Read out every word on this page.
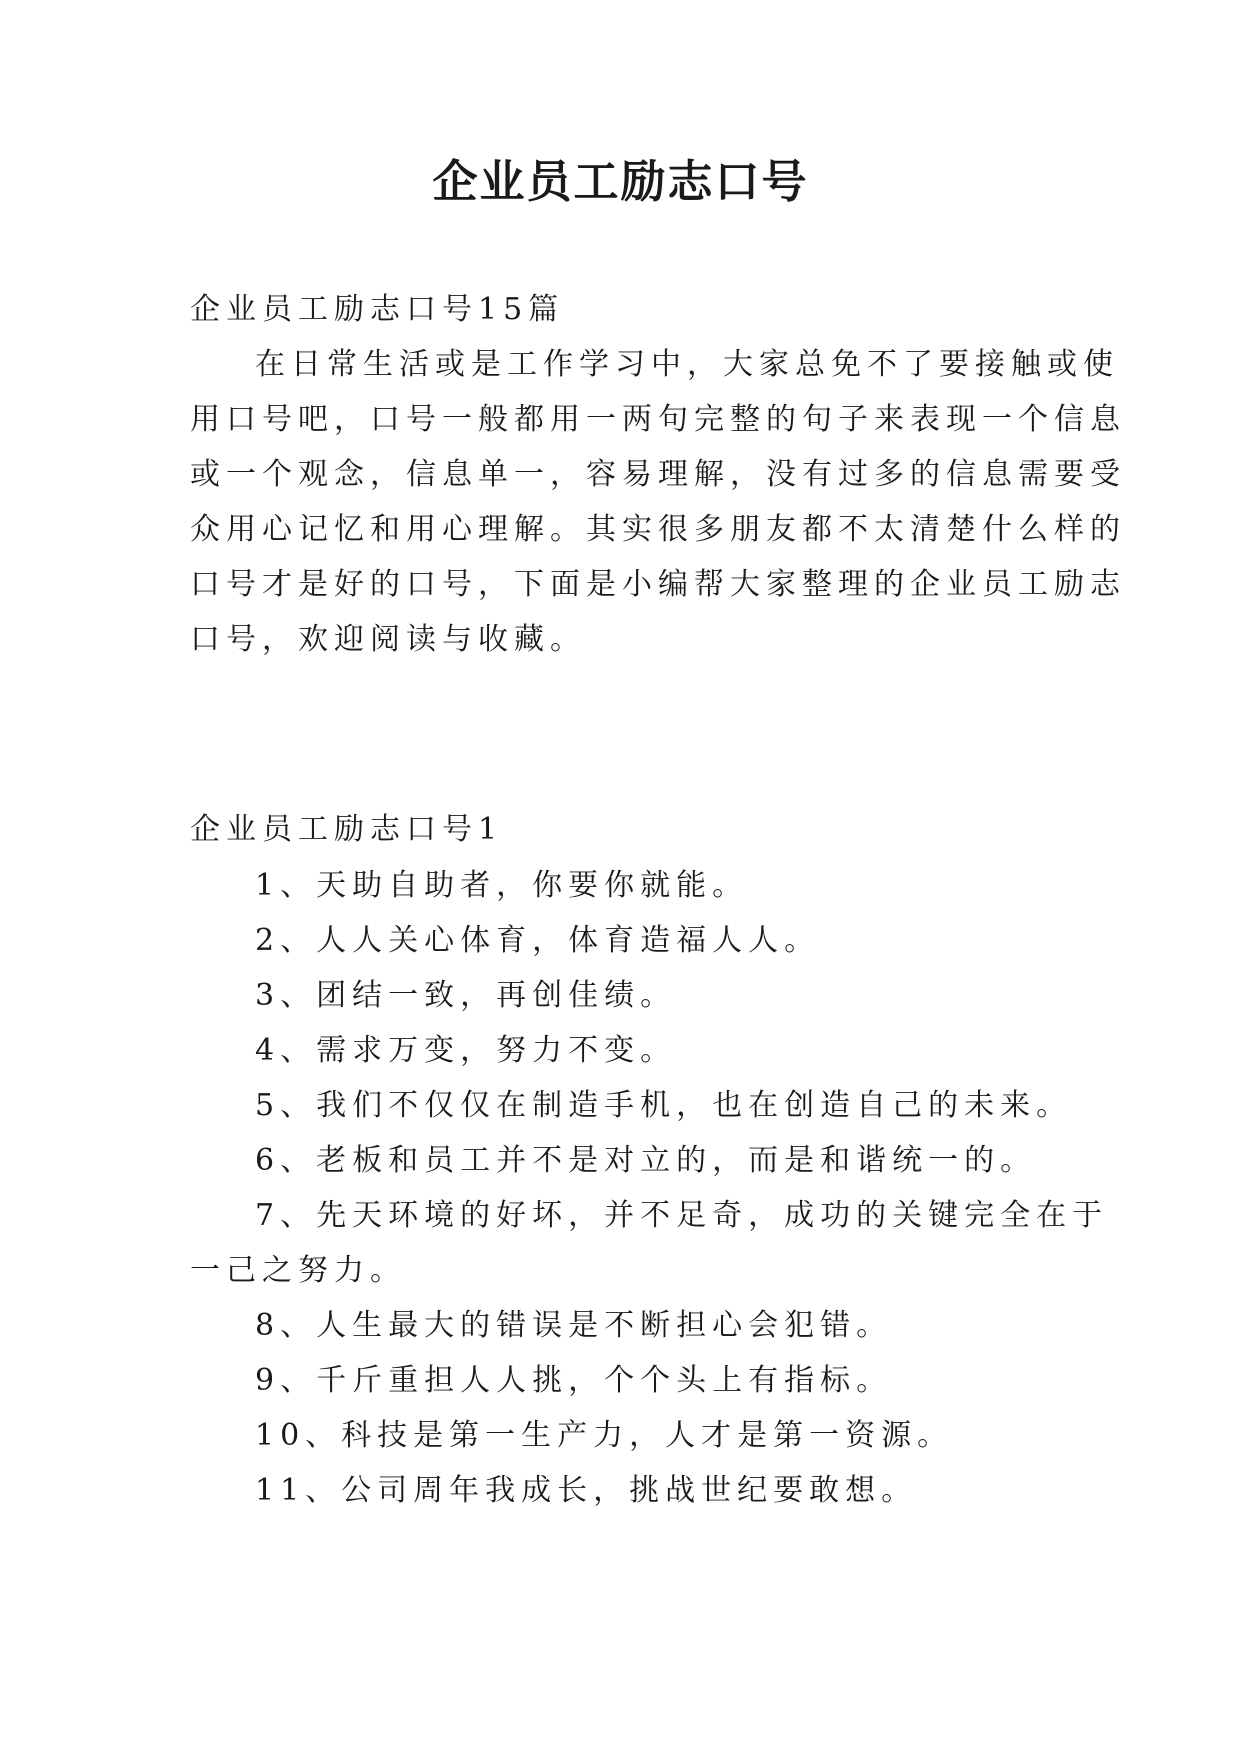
企业员工励志口号

企业员工励志口号15篇

在日常生活或是工作学习中，大家总免不了要接触或使

用口号吧，口号一般都用一两句完整的句子来表现一个信息

或一个观念，信息单一，容易理解，没有过多的信息需要受

众用心记忆和用心理解。其实很多朋友都不太清楚什么样的

口号才是好的口号，下面是小编帮大家整理的企业员工励志

口号，欢迎阅读与收藏。

企业员工励志口号1

1、天助自助者，你要你就能。

2、人人关心体育，体育造福人人。

3、团结一致，再创佳绩。

4、需求万变，努力不变。

5、我们不仅仅在制造手机，也在创造自己的未来。

6、老板和员工并不是对立的，而是和谐统一的。

7、先天环境的好坏，并不足奇，成功的关键完全在于

一己之努力。

8、人生最大的错误是不断担心会犯错。

9、千斤重担人人挑，个个头上有指标。

10、科技是第一生产力，人才是第一资源。

11、公司周年我成长，挑战世纪要敢想。
